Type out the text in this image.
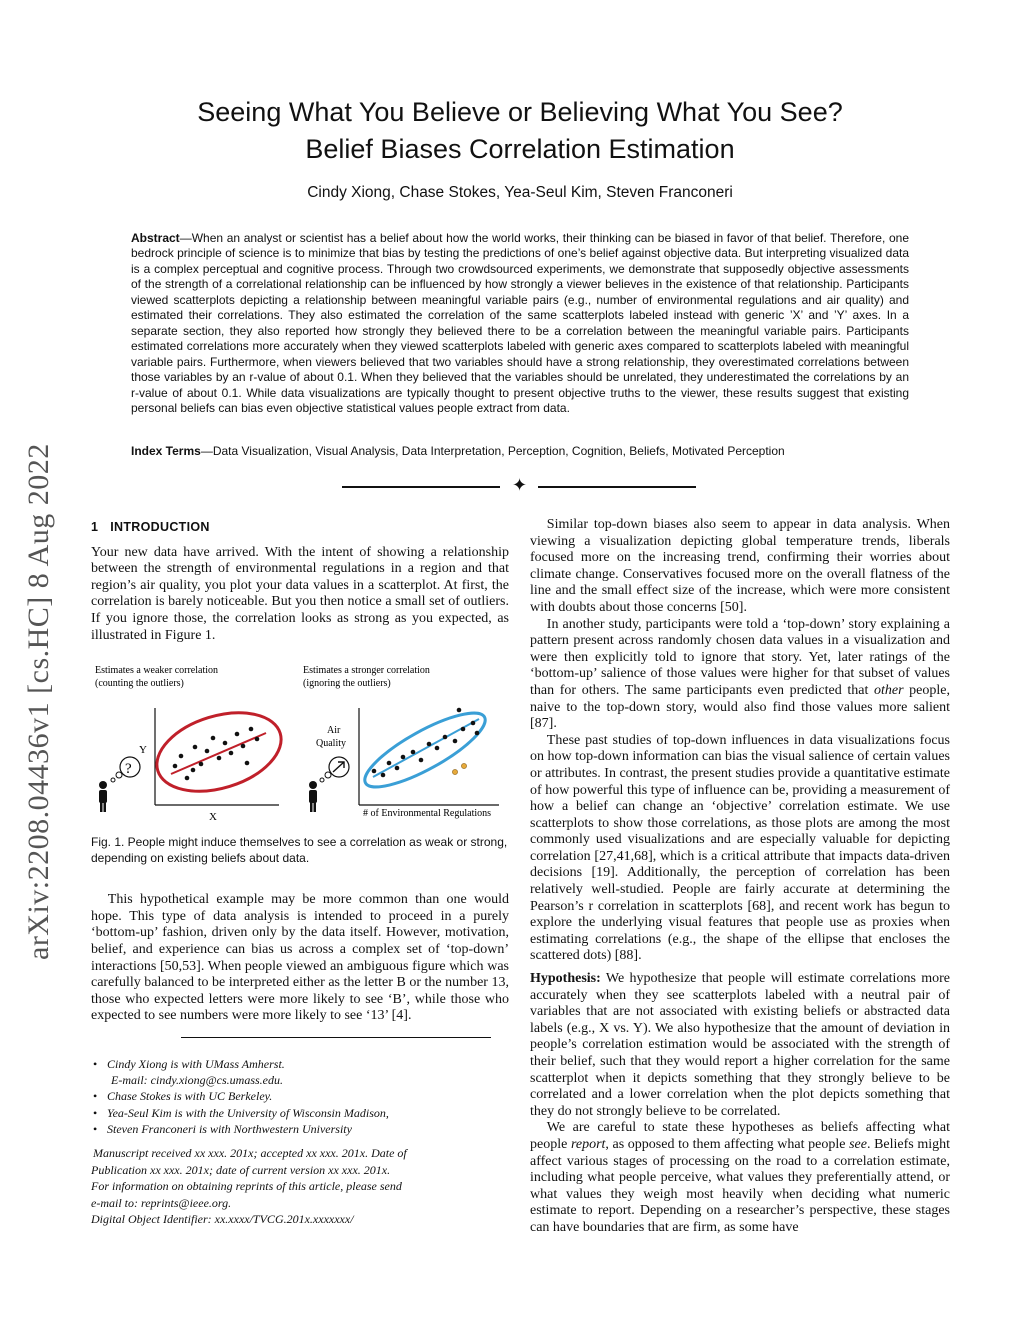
arXiv:2208.04436v1 [cs.HC] 8 Aug 2022
Seeing What You Believe or Believing What You See?
Belief Biases Correlation Estimation
Cindy Xiong, Chase Stokes, Yea-Seul Kim, Steven Franconeri
Abstract—When an analyst or scientist has a belief about how the world works, their thinking can be biased in favor of that belief. Therefore, one bedrock principle of science is to minimize that bias by testing the predictions of one’s belief against objective data. But interpreting visualized data is a complex perceptual and cognitive process. Through two crowdsourced experiments, we demonstrate that supposedly objective assessments of the strength of a correlational relationship can be influenced by how strongly a viewer believes in the existence of that relationship. Participants viewed scatterplots depicting a relationship between meaningful variable pairs (e.g., number of environmental regulations and air quality) and estimated their correlations. They also estimated the correlation of the same scatterplots labeled instead with generic ’X’ and ’Y’ axes. In a separate section, they also reported how strongly they believed there to be a correlation between the meaningful variable pairs. Participants estimated correlations more accurately when they viewed scatterplots labeled with generic axes compared to scatterplots labeled with meaningful variable pairs. Furthermore, when viewers believed that two variables should have a strong relationship, they overestimated correlations between those variables by an r-value of about 0.1. When they believed that the variables should be unrelated, they underestimated the correlations by an r-value of about 0.1. While data visualizations are typically thought to present objective truths to the viewer, these results suggest that existing personal beliefs can bias even objective statistical values people extract from data.
Index Terms—Data Visualization, Visual Analysis, Data Interpretation, Perception, Cognition, Beliefs, Motivated Perception
✦
1 INTRODUCTION

Your new data have arrived. With the intent of showing a relationship between the strength of environmental regulations in a region and that region’s air quality, you plot your data values in a scatterplot. At first, the correlation is barely noticeable. But you then notice a small set of outliers. If you ignore those, the correlation looks as strong as you expected, as illustrated in Figure 1.

Estimates a weaker correlation
(counting the outliers)
Estimates a stronger correlation
(ignoring the outliers)
Y
X
?
Air
Quality
# of Environmental Regulations
Fig. 1. People might induce themselves to see a correlation as weak or strong, depending on existing beliefs about data.

This hypothetical example may be more common than one would hope. This type of data analysis is intended to proceed in a purely ‘bottom-up’ fashion, driven only by the data itself. However, motivation, belief, and experience can bias us across a complex set of ‘top-down’ interactions [50,53]. When people viewed an ambiguous figure which was carefully balanced to be interpreted either as the letter B or the number 13, those who expected letters were more likely to see ‘B’, while those who expected to see numbers were more likely to see ‘13’ [4].

• Cindy Xiong is with UMass Amherst.
E-mail: cindy.xiong@cs.umass.edu.
• Chase Stokes is with UC Berkeley.
• Yea-Seul Kim is with the University of Wisconsin Madison,
• Steven Franconeri is with Northwestern University
Manuscript received xx xxx. 201x; accepted xx xxx. 201x. Date of
Publication xx xxx. 201x; date of current version xx xxx. 201x.
For information on obtaining reprints of this article, please send
e-mail to: reprints@ieee.org.
Digital Object Identifier: xx.xxxx/TVCG.201x.xxxxxxx/

Similar top-down biases also seem to appear in data analysis. When viewing a visualization depicting global temperature trends, liberals focused more on the increasing trend, confirming their worries about climate change. Conservatives focused more on the overall flatness of the line and the small effect size of the increase, which were more consistent with doubts about those concerns [50].

In another study, participants were told a ‘top-down’ story explaining a pattern present across randomly chosen data values in a visualization and were then explicitly told to ignore that story. Yet, later ratings of the ‘bottom-up’ salience of those values were higher for that subset of values than for others. The same participants even predicted that other people, naive to the top-down story, would also find those values more salient [87].

These past studies of top-down influences in data visualizations focus on how top-down information can bias the visual salience of certain values or attributes. In contrast, the present studies provide a quantitative estimate of how powerful this type of influence can be, providing a measurement of how a belief can change an ‘objective’ correlation estimate. We use scatterplots to show those correlations, as those plots are among the most commonly used visualizations and are especially valuable for depicting correlation [27,41,68], which is a critical attribute that impacts data-driven decisions [19]. Additionally, the perception of correlation has been relatively well-studied. People are fairly accurate at determining the Pearson’s r correlation in scatterplots [68], and recent work has begun to explore the underlying visual features that people use as proxies when estimating correlations (e.g., the shape of the ellipse that encloses the scattered dots) [88].

Hypothesis: We hypothesize that people will estimate correlations more accurately when they see scatterplots labeled with a neutral pair of variables that are not associated with existing beliefs or abstracted data labels (e.g., X vs. Y). We also hypothesize that the amount of deviation in people’s correlation estimation would be associated with the strength of their belief, such that they would report a higher correlation for the same scatterplot when it depicts something that they strongly believe to be correlated and a lower correlation when the plot depicts something that they do not strongly believe to be correlated.

We are careful to state these hypotheses as beliefs affecting what people report, as opposed to them affecting what people see. Beliefs might affect various stages of processing on the road to a correlation estimate, including what people perceive, what values they preferentially attend, or what values they weigh most heavily when deciding what numeric estimate to report. Depending on a researcher’s perspective, these stages can have boundaries that are firm, as some have
